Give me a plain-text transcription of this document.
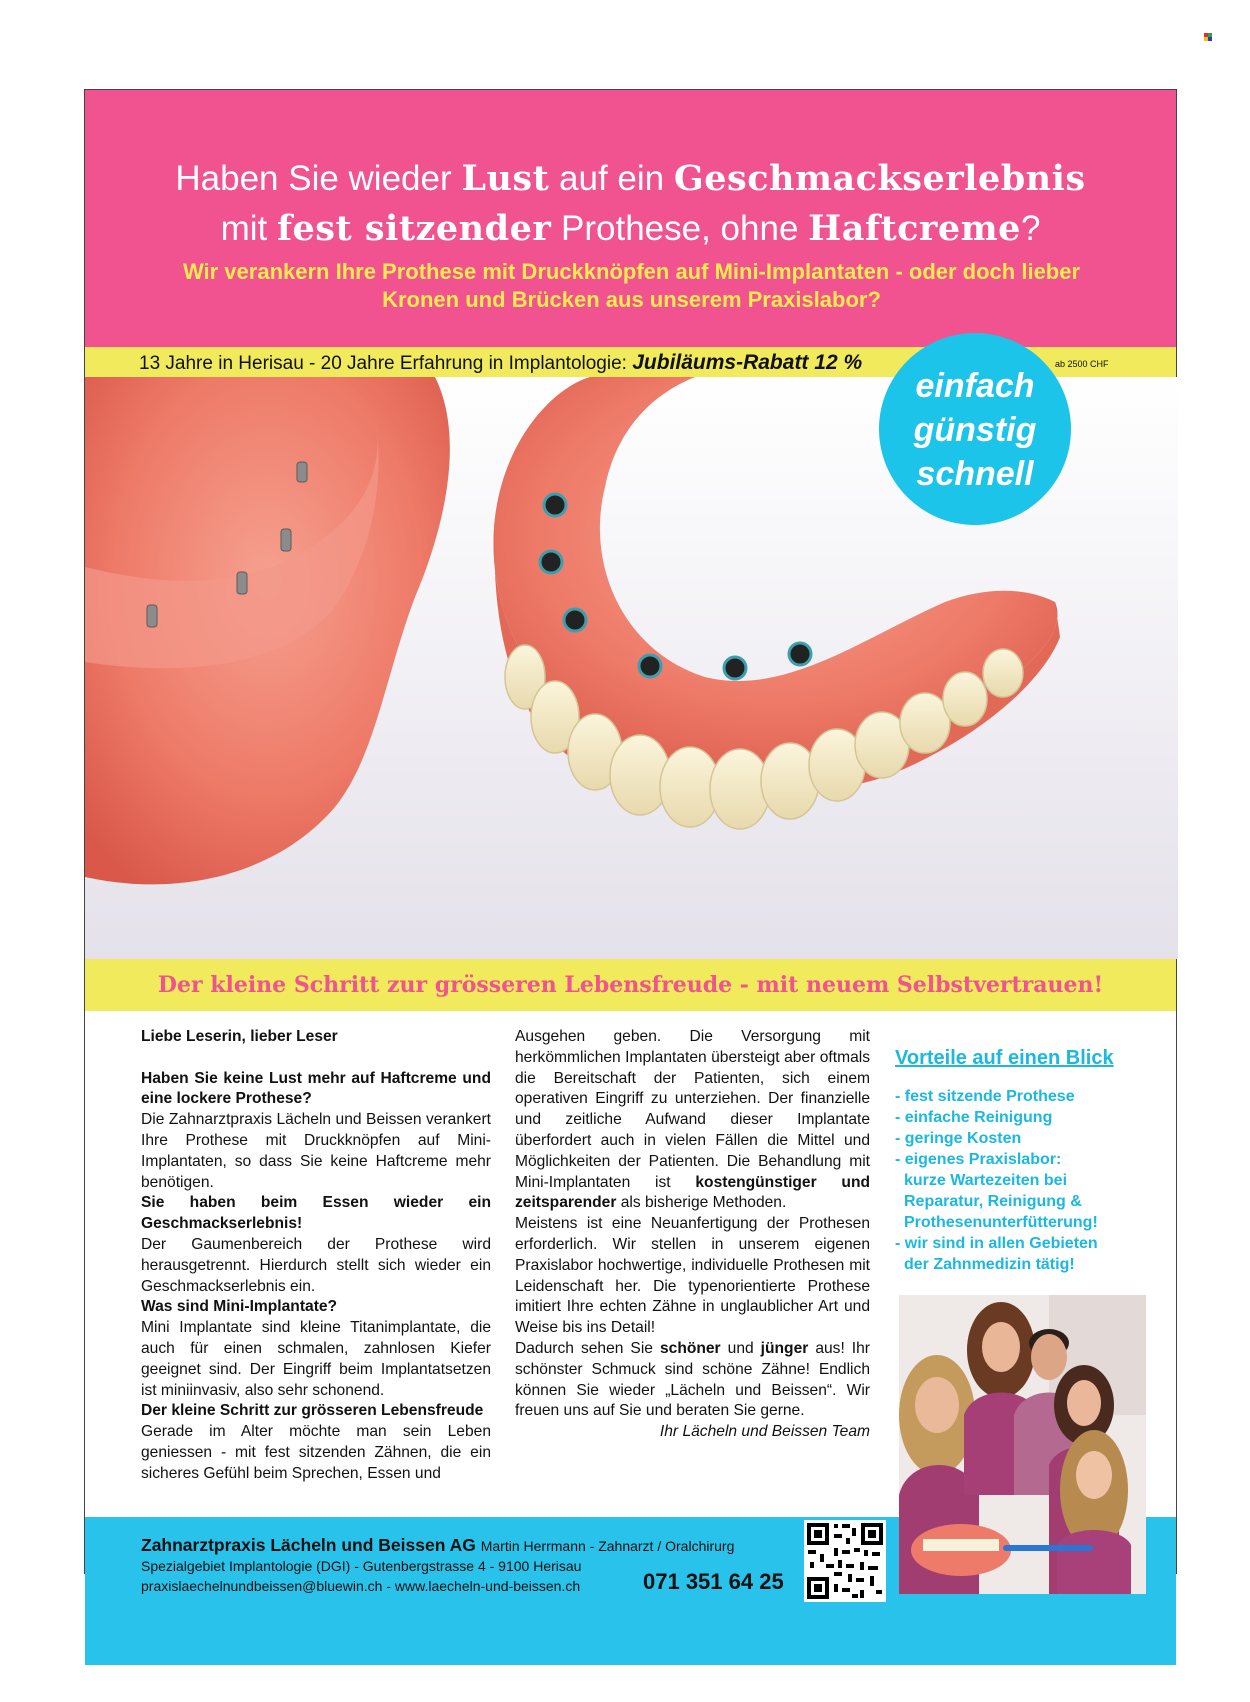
Haben Sie wieder Lust auf ein Geschmackserlebnis
mit fest sitzender Prothese, ohne Haftcreme?
Wir verankern Ihre Prothese mit Druckknöpfen auf Mini-Implantaten - oder doch lieber
Kronen und Brücken aus unserem Praxislabor?
13 Jahre in Herisau - 20 Jahre Erfahrung in Implantologie: Jubiläums-Rabatt 12 %	ab 2500 CHF
einfach
günstig
schnell
Der kleine Schritt zur grösseren Lebensfreude - mit neuem Selbstvertrauen!

Liebe Leserin, lieber Leser

Haben Sie keine Lust mehr auf Haftcreme und eine lockere Prothese?

Die Zahnarztpraxis Lächeln und Beissen verankert Ihre Prothese mit Druckknöpfen auf Mini-Implantaten, so dass Sie keine Haftcreme mehr benötigen.

Sie haben beim Essen wieder ein Geschmackserlebnis!

Der Gaumenbereich der Prothese wird herausgetrennt. Hierdurch stellt sich wieder ein Geschmackserlebnis ein.

Was sind Mini-Implantate?

Mini Implantate sind kleine Titanimplantate, die auch für einen schmalen, zahnlosen Kiefer geeignet sind. Der Eingriff beim Implantatsetzen ist miniinvasiv, also sehr schonend.

Der kleine Schritt zur grösseren Lebensfreude

Gerade im Alter möchte man sein Leben geniessen - mit fest sitzenden Zähnen, die ein sicheres Gefühl beim Sprechen, Essen und

Ausgehen geben. Die Versorgung mit herkömmlichen Implantaten übersteigt aber oftmals die Bereitschaft der Patienten, sich einem operativen Eingriff zu unterziehen. Der finanzielle und zeitliche Aufwand dieser Implantate überfordert auch in vielen Fällen die Mittel und Möglichkeiten der Patienten. Die Behandlung mit Mini-Implantaten ist kostengünstiger und zeitsparender als bisherige Methoden.

Meistens ist eine Neuanfertigung der Prothesen erforderlich. Wir stellen in unserem eigenen Praxislabor hochwertige, individuelle Prothesen mit Leidenschaft her. Die typenorientierte Prothese imitiert Ihre echten Zähne in unglaublicher Art und Weise bis ins Detail!

Dadurch sehen Sie schöner und jünger aus! Ihr schönster Schmuck sind schöne Zähne! Endlich können Sie wieder „Lächeln und Beissen“. Wir freuen uns auf Sie und beraten Sie gerne.

Ihr Lächeln und Beissen Team

Vorteile auf einen Blick
- fest sitzende Prothese
- einfache Reinigung
- geringe Kosten
- eigenes Praxislabor:
kurze Wartezeiten bei
Reparatur, Reinigung &
Prothesenunterfütterung!
- wir sind in allen Gebieten
der Zahnmedizin tätig!
Zahnarztpraxis Lächeln und Beissen AG Martin Herrmann - Zahnarzt / Oralchirurg
Spezialgebiet Implantologie (DGI) - Gutenbergstrasse 4 - 9100 Herisau
praxislaechelnundbeissen@bluewin.ch - www.laecheln-und-beissen.ch	071 351 64 25
